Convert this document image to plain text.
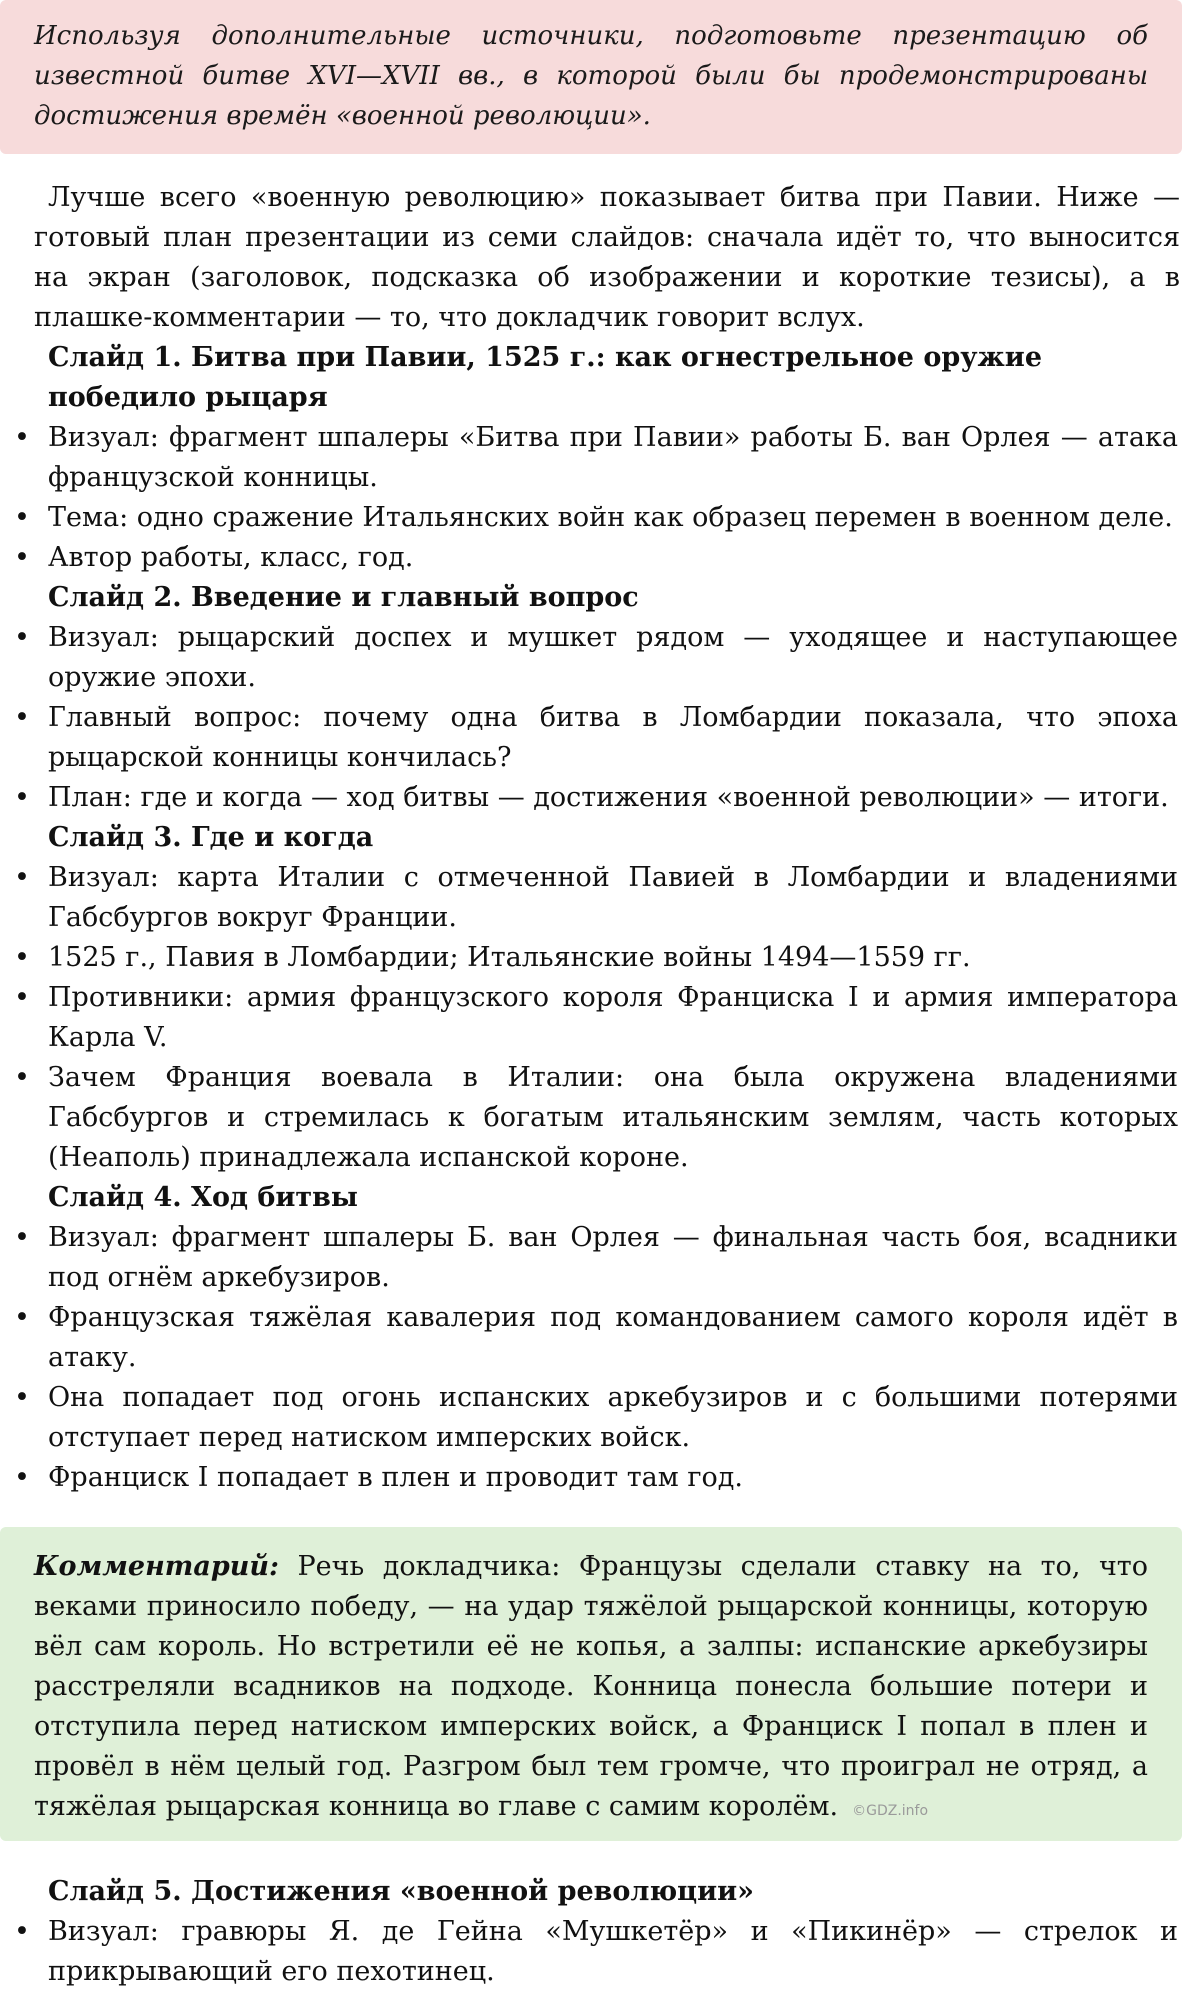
Используя дополнительные источники, подготовьте презентацию об известной битве XVI—XVII вв., в которой были бы продемонстрированы достижения времён «военной революции».
Лучше всего «военную революцию» показывает битва при Павии. Ниже — готовый план презентации из семи слайдов: сначала идёт то, что выносится на экран (заголовок, подсказка об изображении и короткие тезисы), а в плашке-комментарии — то, что докладчик говорит вслух.
Слайд 1. Битва при Павии, 1525 г.: как огнестрельное оружие победило рыцаря
• Визуал: фрагмент шпалеры «Битва при Павии» работы Б. ван Орлея — атака французской конницы.
• Тема: одно сражение Итальянских войн как образец перемен в военном деле.
• Автор работы, класс, год.
Слайд 2. Введение и главный вопрос
• Визуал: рыцарский доспех и мушкет рядом — уходящее и наступающее оружие эпохи.
• Главный вопрос: почему одна битва в Ломбардии показала, что эпоха рыцарской конницы кончилась?
• План: где и когда — ход битвы — достижения «военной революции» — итоги.
Слайд 3. Где и когда
• Визуал: карта Италии с отмеченной Павией в Ломбардии и владениями Габсбургов вокруг Франции.
• 1525 г., Павия в Ломбардии; Итальянские войны 1494—1559 гг.
• Противники: армия французского короля Франциска I и армия императора Карла V.
• Зачем Франция воевала в Италии: она была окружена владениями Габсбургов и стремилась к богатым итальянским землям, часть которых (Неаполь) принадлежала испанской короне.
Слайд 4. Ход битвы
• Визуал: фрагмент шпалеры Б. ван Орлея — финальная часть боя, всадники под огнём аркебузиров.
• Французская тяжёлая кавалерия под командованием самого короля идёт в атаку.
• Она попадает под огонь испанских аркебузиров и с большими потерями отступает перед натиском имперских войск.
• Франциск I попадает в плен и проводит там год.
Комментарий: Речь докладчика: Французы сделали ставку на то, что веками приносило победу, — на удар тяжёлой рыцарской конницы, которую вёл сам король. Но встретили её не копья, а залпы: испанские аркебузиры расстреляли всадников на подходе. Конница понесла большие потери и отступила перед натиском имперских войск, а Франциск I попал в плен и провёл в нём целый год. Разгром был тем громче, что проиграл не отряд, а тяжёлая рыцарская конница во главе с самим королём. ©GDZ.info
Слайд 5. Достижения «военной революции»
• Визуал: гравюры Я. де Гейна «Мушкетёр» и «Пикинёр» — стрелок и прикрывающий его пехотинец.
